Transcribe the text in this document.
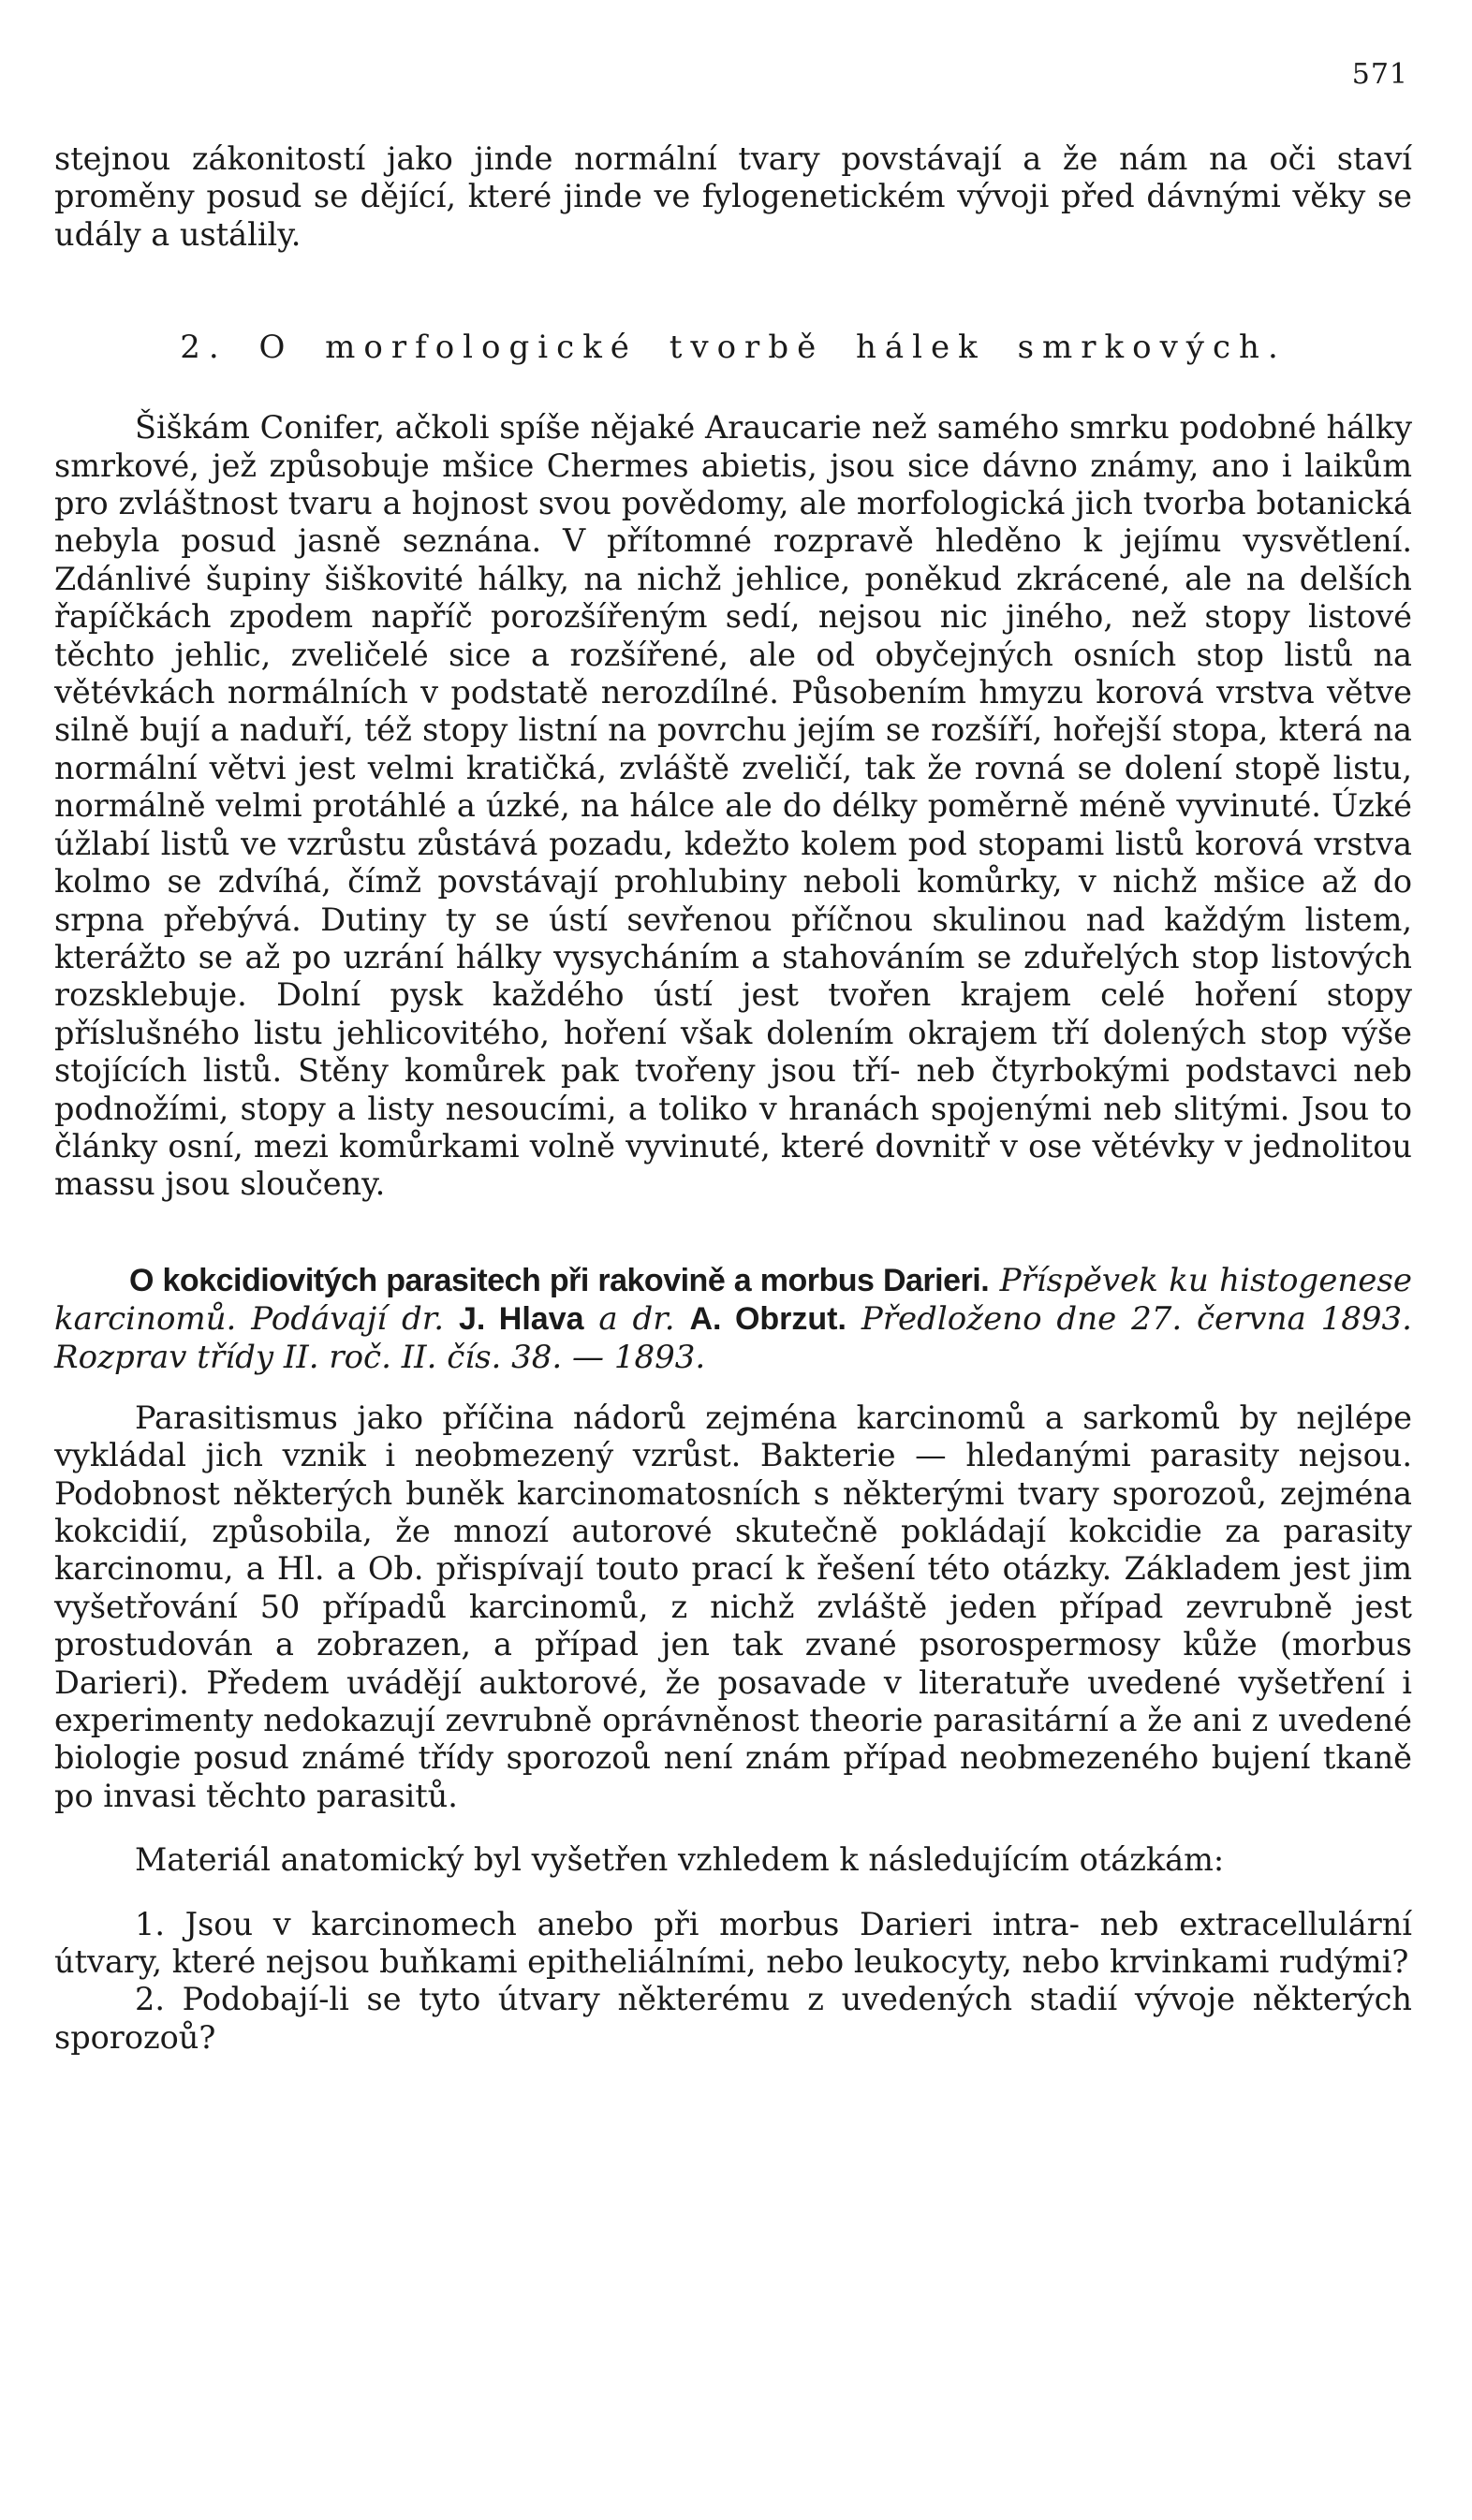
571

stejnou zákonitostí jako jinde normální tvary povstávají a že nám na oči staví proměny posud se dějící, které jinde ve fylogenetickém vývoji před dávnými věky se udály a ustálily.

2. O morfologické tvorbě hálek smrkových.

Šiškám Conifer, ačkoli spíše nějaké Araucarie než samého smrku podobné hálky smrkové, jež způsobuje mšice Chermes abietis, jsou sice dávno známy, ano i laikům pro zvláštnost tvaru a hojnost svou povědomy, ale morfologická jich tvorba botanická nebyla posud jasně seznána. V přítomné rozpravě hleděno k jejímu vysvětlení. Zdánlivé šupiny šiškovité hálky, na nichž jehlice, poněkud zkrácené, ale na delších řapíčkách zpodem napříč porozšířeným sedí, nejsou nic jiného, než stopy listové těchto jehlic, zveličelé sice a rozšířené, ale od obyčejných osních stop listů na větévkách normálních v podstatě nerozdílné. Působením hmyzu korová vrstva větve silně bují a naduří, též stopy listní na povrchu jejím se rozšíří, hořejší stopa, která na normální větvi jest velmi kratičká, zvláště zveličí, tak že rovná se dolení stopě listu, normálně velmi protáhlé a úzké, na hálce ale do délky poměrně méně vyvinuté. Úzké úžlabí listů ve vzrůstu zůstává pozadu, kdežto kolem pod stopami listů korová vrstva kolmo se zdvíhá, čímž povstávají prohlubiny neboli komůrky, v nichž mšice až do srpna přebývá. Dutiny ty se ústí sevřenou příčnou skulinou nad každým listem, kterážto se až po uzrání hálky vysycháním a stahováním se zduřelých stop listových rozsklebuje. Dolní pysk každého ústí jest tvořen krajem celé hoření stopy příslušného listu jehlicovitého, hoření však dolením okrajem tří dolených stop výše stojících listů. Stěny komůrek pak tvořeny jsou tří- neb čtyrbokými podstavci neb podnožími, stopy a listy nesoucími, a toliko v hranách spojenými neb slitými. Jsou to články osní, mezi komůrkami volně vyvinuté, které dovnitř v ose větévky v jednolitou massu jsou sloučeny.

O kokcidiovitých parasitech při rakovině a morbus Darieri. Příspěvek ku histogenese karcinomů. Podávají dr. J. Hlava a dr. A. Obrzut. Předloženo dne 27. června 1893. Rozprav třídy II. roč. II. čís. 38. — 1893.

Parasitismus jako příčina nádorů zejména karcinomů a sarkomů by nejlépe vykládal jich vznik i neobmezený vzrůst. Bakterie — hledanými parasity nejsou. Podobnost některých buněk karcinomatosních s některými tvary sporozoů, zejména kokcidií, způsobila, že mnozí autorové skutečně pokládají kokcidie za parasity karcinomu, a Hl. a Ob. přispívají touto prací k řešení této otázky. Základem jest jim vyšetřování 50 případů karcinomů, z nichž zvláště jeden případ zevrubně jest prostudován a zobrazen, a případ jen tak zvané psorospermosy kůže (morbus Darieri). Předem uvádějí auktorové, že posavade v literatuře uvedené vyšetření i experimenty nedokazují zevrubně oprávněnost theorie parasitární a že ani z uvedené biologie posud známé třídy sporozoů není znám případ neobmezeného bujení tkaně po invasi těchto parasitů.

Materiál anatomický byl vyšetřen vzhledem k následujícím otázkám:

1. Jsou v karcinomech anebo při morbus Darieri intra- neb extracellulární útvary, které nejsou buňkami epitheliálními, nebo leukocyty, nebo krvinkami rudými?

2. Podobají-li se tyto útvary některému z uvedených stadií vývoje některých sporozoů?
